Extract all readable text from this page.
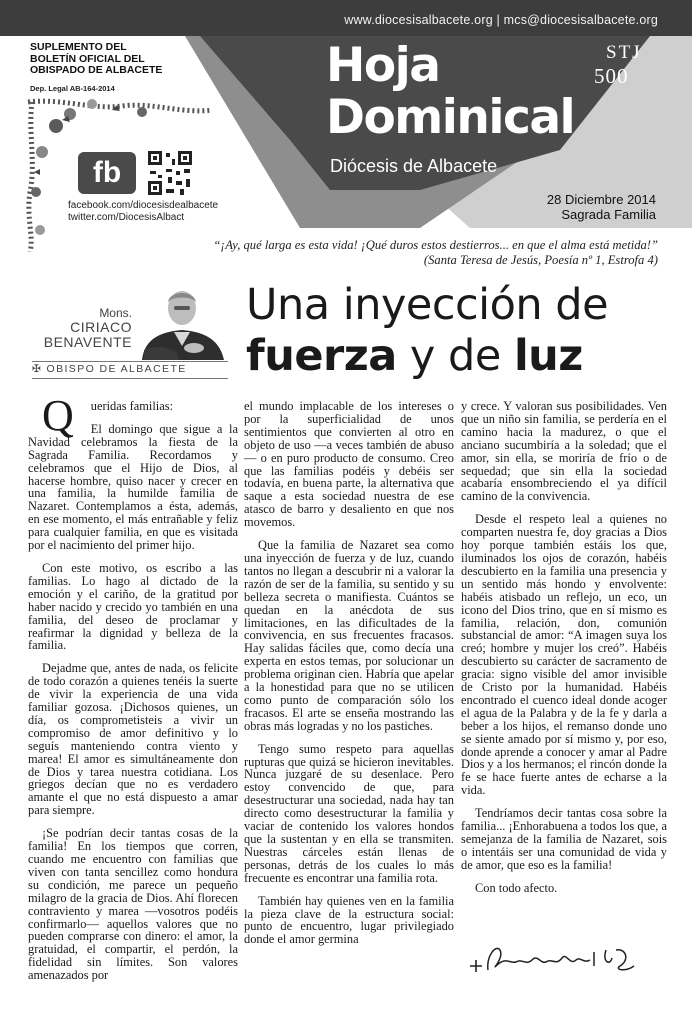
www.diocesisalbacete.org | mcs@diocesisalbacete.org
SUPLEMENTO DEL
BOLETÍN OFICIAL DEL
OBISPADO DE ALBACETE
Dep. Legal AB-164-2014
fb
facebook.com/diocesisdealbacete
twitter.com/DiocesisAlbact
Hoja
Dominical
Diócesis de Albacete
STJ
500
28 Diciembre 2014
Sagrada Familia
“¡Ay, qué larga es esta vida! ¡Qué duros estos destierros... en que el alma está metida!”
(Santa Teresa de Jesús, Poesía nº 1, Estrofa 4)
Mons.
CIRIACO
BENAVENTE
✠ OBISPO DE ALBACETE
Una inyección de
fuerza y de luz

Q ueridas familias:

El domingo que sigue a la Navidad celebramos la fiesta de la Sagrada Familia. Recordamos y celebramos que el Hijo de Dios, al hacerse hombre, quiso nacer y crecer en una familia, la humilde familia de Nazaret. Contemplamos a ésta, además, en ese momento, el más entrañable y feliz para cualquier familia, en que es visitada por el nacimiento del primer hijo.

Con este motivo, os escribo a las familias. Lo hago al dictado de la emoción y el cariño, de la gratitud por haber nacido y crecido yo también en una familia, del deseo de proclamar y reafirmar la dignidad y belleza de la familia.

Dejadme que, antes de nada, os felicite de todo corazón a quienes tenéis la suerte de vivir la experiencia de una vida familiar gozosa. ¡Dichosos quienes, un día, os comprometisteis a vivir un compromiso de amor definitivo y lo seguís manteniendo contra viento y marea! El amor es simultáneamente don de Dios y tarea nuestra cotidiana. Los griegos decían que no es verdadero amante el que no está dispuesto a amar para siempre.

¡Se podrían decir tantas cosas de la familia! En los tiempos que corren, cuando me encuentro con familias que viven con tanta sencillez como hondura su condición, me parece un pequeño milagro de la gracia de Dios. Ahí florecen contraviento y marea —vosotros podéis confirmarlo— aquellos valores que no pueden comprarse con dinero: el amor, la gratuidad, el compartir, el perdón, la fidelidad sin límites. Son valores amenazados por

el mundo implacable de los intereses o por la superficialidad de unos sentimientos que convierten al otro en objeto de uso —a veces también de abuso— o en puro producto de consumo. Creo que las familias podéis y debéis ser todavía, en buena parte, la alternativa que saque a esta sociedad nuestra de ese atasco de barro y desaliento en que nos movemos.

Que la familia de Nazaret sea como una inyección de fuerza y de luz, cuando tantos no llegan a descubrir ni a valorar la razón de ser de la familia, su sentido y su belleza secreta o manifiesta. Cuántos se quedan en la anécdota de sus limitaciones, en las dificultades de la convivencia, en sus frecuentes fracasos. Hay salidas fáciles que, como decía una experta en estos temas, por solucionar un problema originan cien. Habría que apelar a la honestidad para que no se utilicen como punto de comparación sólo los fracasos. El arte se enseña mostrando las obras más logradas y no los pastiches.

Tengo sumo respeto para aquellas rupturas que quizá se hicieron inevitables. Nunca juzgaré de su desenlace. Pero estoy convencido de que, para desestructurar una sociedad, nada hay tan directo como desestructurar la familia y vaciar de contenido los valores hondos que la sustentan y en ella se transmiten. Nuestras cárceles están llenas de personas, detrás de los cuales lo más frecuente es encontrar una familia rota.

También hay quienes ven en la familia la pieza clave de la estructura social: punto de encuentro, lugar privilegiado donde el amor germina

y crece. Y valoran sus posibilidades. Ven que un niño sin familia, se perdería en el camino hacia la madurez, o que el anciano sucumbiría a la soledad; que el amor, sin ella, se moriría de frío o de sequedad; que sin ella la sociedad acabaría ensombreciendo el ya difícil camino de la convivencia.

Desde el respeto leal a quienes no comparten nuestra fe, doy gracias a Dios hoy porque también estáis los que, iluminados los ojos de corazón, habéis descubierto en la familia una presencia y un sentido más hondo y envolvente: habéis atisbado un reflejo, un eco, un icono del Dios trino, que en sí mismo es familia, relación, don, comunión substancial de amor: “A imagen suya los creó; hombre y mujer los creó”. Habéis descubierto su carácter de sacramento de gracia: signo visible del amor invisible de Cristo por la humanidad. Habéis encontrado el cuenco ideal donde acoger el agua de la Palabra y de la fe y darla a beber a los hijos, el remanso donde uno se siente amado por sí mismo y, por eso, donde aprende a conocer y amar al Padre Dios y a los hermanos; el rincón donde la fe se hace fuerte antes de echarse a la vida.

Tendríamos decir tantas cosa sobre la familia... ¡Enhorabuena a todos los que, a semejanza de la familia de Nazaret, sois o intentáis ser una comunidad de vida y de amor, que eso es la familia!

Con todo afecto.
